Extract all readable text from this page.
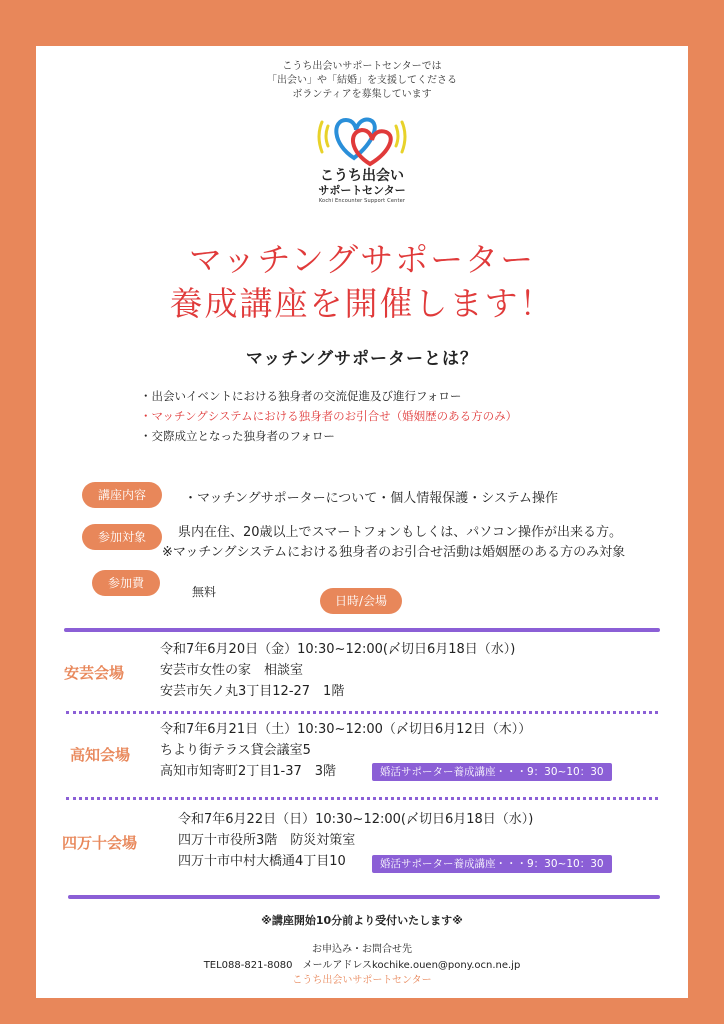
こうち出会いサポートセンターでは
「出会い」や「結婚」を支援してくださる
ボランティアを募集しています
こうち出会い
サポートセンター
Kochi Encounter Support Center
マッチングサポーター
養成講座を開催します！
マッチングサポーターとは？
・出会いイベントにおける独身者の交流促進及び進行フォロー
・マッチングシステムにおける独身者のお引合せ（婚姻歴のある方のみ）
・交際成立となった独身者のフォロー
講座内容	・マッチングサポーターについて・個人情報保護・システム操作
参加対象	県内在住、20歳以上でスマートフォンもしくは、パソコン操作が出来る方。
※マッチングシステムにおける独身者のお引合せ活動は婚姻歴のある方のみ対象
参加費
無料
日時/会場
安芸会場
令和7年6月20日（金）10:30~12:00(〆切日6月18日（水）)
安芸市女性の家　相談室
安芸市矢ノ丸3丁目12-27　1階
高知会場
令和7年6月21日（土）10:30~12:00（〆切日6月12日（木））
ちより街テラス貸会議室5
高知市知寄町2丁目1-37　3階	婚活サポーター養成講座・・・9：30~10：30
四万十会場
令和7年6月22日（日）10:30~12:00(〆切日6月18日（水）)
四万十市役所3階　防災対策室
四万十市中村大橋通4丁目10	婚活サポーター養成講座・・・9：30~10：30
※講座開始10分前より受付いたします※
お申込み・お問合せ先
TEL088-821-8080　メールアドレスkochike.ouen@pony.ocn.ne.jp
こうち出会いサポートセンター
